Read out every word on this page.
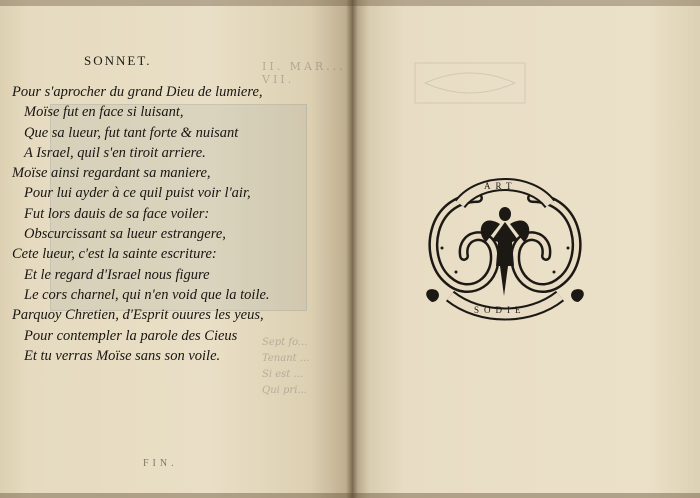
II. MAR... VII.
SONNET.
Pour s'aprocher du grand Dieu de lumiere,
Moïse fut en face si luisant,
Que sa lueur, fut tant forte & nuisant
A Israel, quil s'en tiroit arriere.
Moïse ainsi regardant sa maniere,
Pour lui ayder à ce quil puist voir l'air,
Fut lors dauis de sa face voiler:
Obscurcissant sa lueur estrangere,
Cete lueur, c'est la sainte escriture:
Et le regard d'Israel nous figure
Le cors charnel, qui n'en void que la toile.
Parquoy Chretien, d'Esprit ouures les yeus,
Pour contempler la parole des Cieus
Et tu verras Moïse sans son voile.
Sept fo...
Tenant ...
Si est ...
Qui pri...
FIN.
ART
SODIE
